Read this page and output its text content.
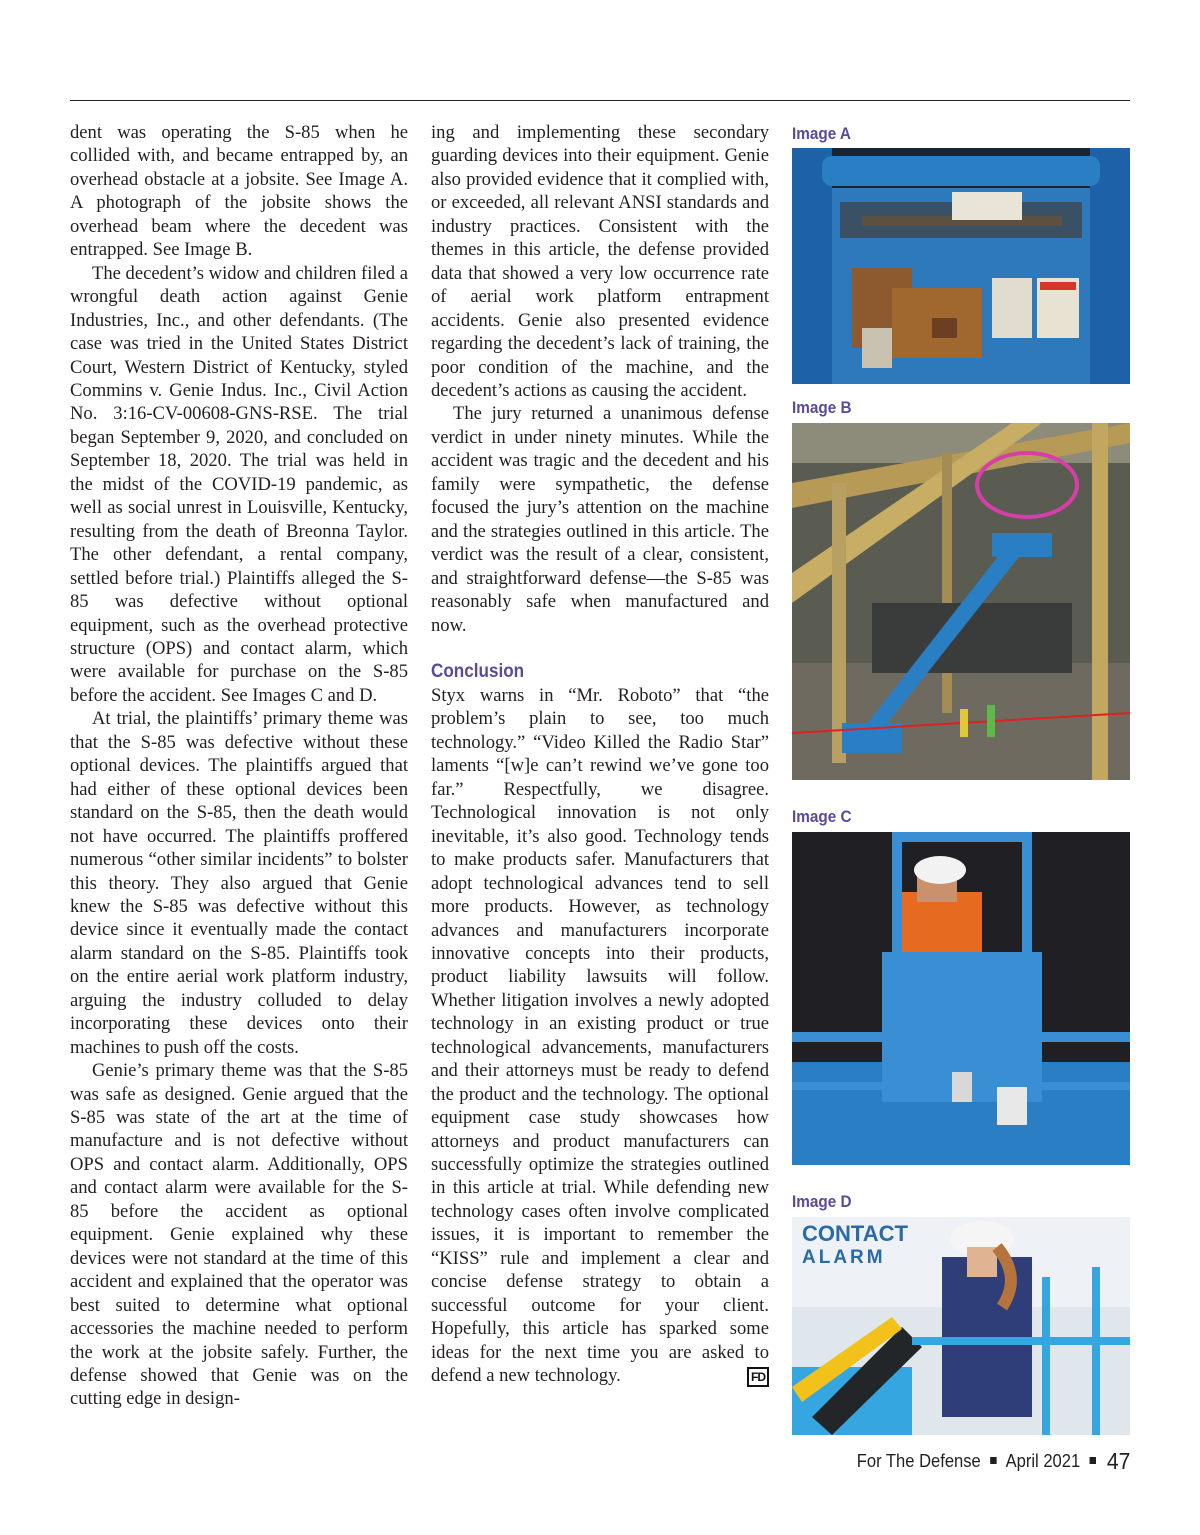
dent was operating the S-85 when he collided with, and became entrapped by, an overhead obstacle at a jobsite. See Image A. A photograph of the jobsite shows the overhead beam where the decedent was entrapped. See Image B.

The decedent’s widow and children filed a wrongful death action against Genie Industries, Inc., and other defendants. (The case was tried in the United States District Court, Western District of Kentucky, styled Commins v. Genie Indus. Inc., Civil Action No. 3:16-CV-00608-GNS-RSE. The trial began September 9, 2020, and concluded on September 18, 2020. The trial was held in the midst of the COVID-19 pandemic, as well as social unrest in Louisville, Kentucky, resulting from the death of Breonna Taylor. The other defendant, a rental company, settled before trial.) Plaintiffs alleged the S-85 was defective without optional equipment, such as the overhead protective structure (OPS) and contact alarm, which were available for purchase on the S-85 before the accident. See Images C and D.

At trial, the plaintiffs’ primary theme was that the S-85 was defective without these optional devices. The plaintiffs argued that had either of these optional devices been standard on the S-85, then the death would not have occurred. The plaintiffs proffered numerous “other similar incidents” to bolster this theory. They also argued that Genie knew the S-85 was defective without this device since it eventually made the contact alarm standard on the S-85. Plaintiffs took on the entire aerial work platform industry, arguing the industry colluded to delay incorporating these devices onto their machines to push off the costs.

Genie’s primary theme was that the S-85 was safe as designed. Genie argued that the S-85 was state of the art at the time of manufacture and is not defective without OPS and contact alarm. Additionally, OPS and contact alarm were available for the S-85 before the accident as optional equipment. Genie explained why these devices were not standard at the time of this accident and explained that the operator was best suited to determine what optional accessories the machine needed to perform the work at the jobsite safely. Further, the defense showed that Genie was on the cutting edge in design-

ing and implementing these secondary guarding devices into their equipment. Genie also provided evidence that it complied with, or exceeded, all relevant ANSI standards and industry practices. Consistent with the themes in this article, the defense provided data that showed a very low occurrence rate of aerial work platform entrapment accidents. Genie also presented evidence regarding the decedent’s lack of training, the poor condition of the machine, and the decedent’s actions as causing the accident.

The jury returned a unanimous defense verdict in under ninety minutes. While the accident was tragic and the decedent and his family were sympathetic, the defense focused the jury’s attention on the machine and the strategies outlined in this article. The verdict was the result of a clear, consistent, and straightforward defense—the S-85 was reasonably safe when manufactured and now.

Conclusion

Styx warns in “Mr. Roboto” that “the problem’s plain to see, too much technology.” “Video Killed the Radio Star” laments “[w]e can’t rewind we’ve gone too far.” Respectfully, we disagree. Technological innovation is not only inevitable, it’s also good. Technology tends to make products safer. Manufacturers that adopt technological advances tend to sell more products. However, as technology advances and manufacturers incorporate innovative concepts into their products, product liability lawsuits will follow. Whether litigation involves a newly adopted technology in an existing product or true technological advancements, manufacturers and their attorneys must be ready to defend the product and the technology. The optional equipment case study showcases how attorneys and product manufacturers can successfully optimize the strategies outlined in this article at trial. While defending new technology cases often involve complicated issues, it is important to remember the “KISS” rule and implement a clear and concise defense strategy to obtain a successful outcome for your client. Hopefully, this article has sparked some ideas for the next time you are asked to defend a new technology.	FD

Image A
Image B
Image C
Image D
CONTACT
ALARM
For The Defense April 2021 47
